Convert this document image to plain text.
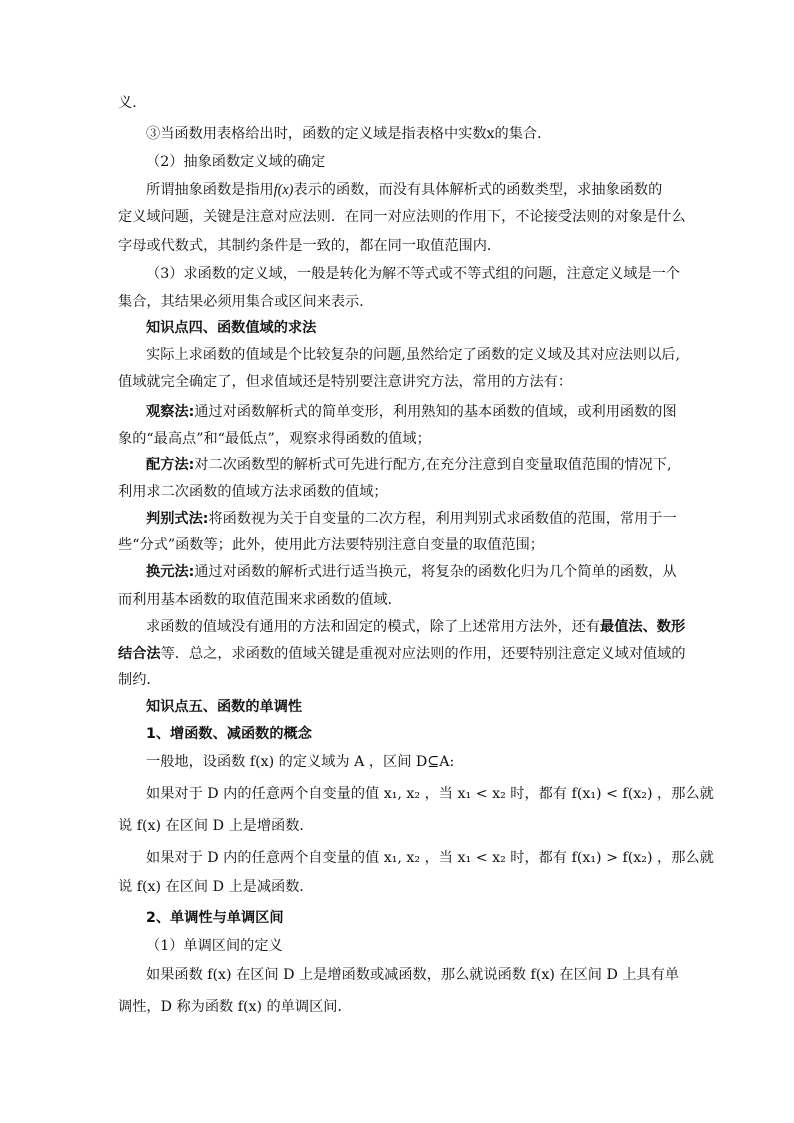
义．
③当函数用表格给出时，函数的定义域是指表格中实数x的集合．
（2）抽象函数定义域的确定
所谓抽象函数是指用f(x)表示的函数，而没有具体解析式的函数类型，求抽象函数的
定义域问题，关键是注意对应法则．在同一对应法则的作用下，不论接受法则的对象是什么
字母或代数式，其制约条件是一致的，都在同一取值范围内．
（3）求函数的定义域，一般是转化为解不等式或不等式组的问题，注意定义域是一个
集合，其结果必须用集合或区间来表示．
知识点四、函数值域的求法
实际上求函数的值域是个比较复杂的问题,虽然给定了函数的定义域及其对应法则以后,
值域就完全确定了，但求值域还是特别要注意讲究方法，常用的方法有：
观察法:通过对函数解析式的简单变形，利用熟知的基本函数的值域，或利用函数的图
象的“最高点”和“最低点”，观察求得函数的值域；
配方法:对二次函数型的解析式可先进行配方,在充分注意到自变量取值范围的情况下,
利用求二次函数的值域方法求函数的值域；
判别式法:将函数视为关于自变量的二次方程，利用判别式求函数值的范围，常用于一
些“分式”函数等；此外，使用此方法要特别注意自变量的取值范围；
换元法:通过对函数的解析式进行适当换元，将复杂的函数化归为几个简单的函数，从
而利用基本函数的取值范围来求函数的值域．
求函数的值域没有通用的方法和固定的模式，除了上述常用方法外，还有最值法、数形
结合法等．总之，求函数的值域关键是重视对应法则的作用，还要特别注意定义域对值域的
制约．
知识点五、函数的单调性
1、增函数、减函数的概念
一般地，设函数 f(x) 的定义域为 A ，区间 D⊆A:
如果对于 D 内的任意两个自变量的值 x₁, x₂ ，当 x₁ < x₂ 时，都有 f(x₁) < f(x₂) ，那么就
说 f(x) 在区间 D 上是增函数．
如果对于 D 内的任意两个自变量的值 x₁, x₂ ，当 x₁ < x₂ 时，都有 f(x₁) > f(x₂) ，那么就
说 f(x) 在区间 D 上是减函数．
2、单调性与单调区间
（1）单调区间的定义
如果函数 f(x) 在区间 D 上是增函数或减函数，那么就说函数 f(x) 在区间 D 上具有单
调性，D 称为函数 f(x) 的单调区间．
